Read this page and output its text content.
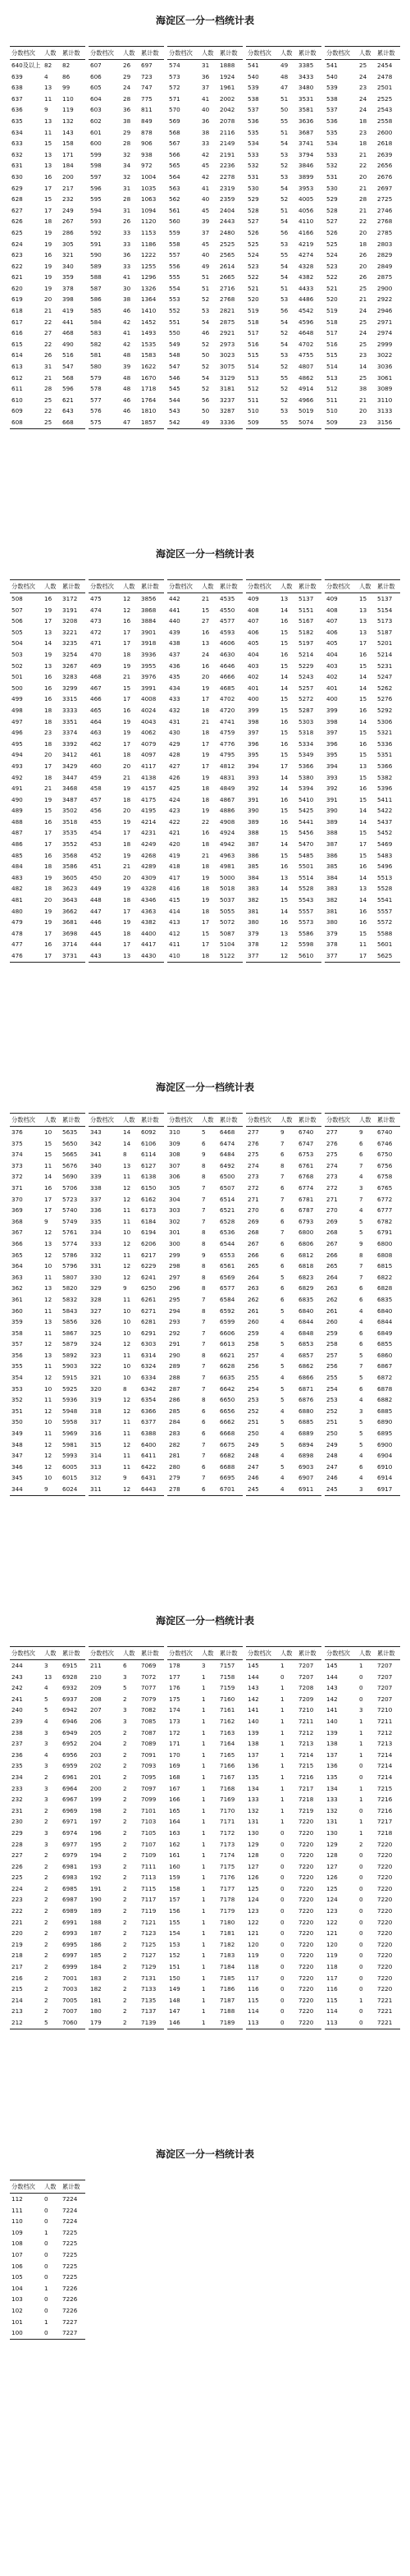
海淀区一分一档统计表
分数档次	人数	累计数
640及以上	82	82
639	4	86
638	13	99
637	11	110
636	9	119
635	13	132
634	11	143
633	15	158
632	13	171
631	13	184
630	16	200
629	17	217
628	15	232
627	17	249
626	18	267
625	19	286
624	19	305
623	16	321
622	19	340
621	19	359
620	19	378
619	20	398
618	21	419
617	22	441
616	27	468
615	22	490
614	26	516
613	31	547
612	21	568
611	28	596
610	25	621
609	22	643
608	25	668
分数档次	人数	累计数
607	26	697
606	29	723
605	24	747
604	28	775
603	36	811
602	38	849
601	29	878
600	28	906
599	32	938
598	34	972
597	32	1004
596	31	1035
595	28	1063
594	31	1094
593	26	1120
592	33	1153
591	33	1186
590	36	1222
589	33	1255
588	41	1296
587	30	1326
586	38	1364
585	46	1410
584	42	1452
583	41	1493
582	42	1535
581	48	1583
580	39	1622
579	48	1670
578	48	1718
577	46	1764
576	46	1810
575	47	1857
分数档次	人数	累计数
574	31	1888
573	36	1924
572	37	1961
571	41	2002
570	40	2042
569	36	2078
568	38	2116
567	33	2149
566	42	2191
565	45	2236
564	42	2278
563	41	2319
562	40	2359
561	45	2404
560	39	2443
559	37	2480
558	45	2525
557	40	2565
556	49	2614
555	51	2665
554	51	2716
553	52	2768
552	53	2821
551	54	2875
550	46	2921
549	52	2973
548	50	3023
547	52	3075
546	54	3129
545	52	3181
544	56	3237
543	50	3287
542	49	3336
分数档次	人数	累计数
541	49	3385
540	48	3433
539	47	3480
538	51	3531
537	50	3581
536	55	3636
535	51	3687
534	54	3741
533	53	3794
532	52	3846
531	53	3899
530	54	3953
529	52	4005
528	51	4056
527	54	4110
526	56	4166
525	53	4219
524	55	4274
523	54	4328
522	54	4382
521	51	4433
520	53	4486
519	56	4542
518	54	4596
517	52	4648
516	54	4702
515	53	4755
514	52	4807
513	55	4862
512	52	4914
511	52	4966
510	53	5019
509	55	5074
分数档次	人数	累计数
541	25	2454
540	24	2478
539	23	2501
538	24	2525
537	24	2543
536	18	2558
535	23	2600
534	18	2618
533	21	2639
532	22	2656
531	20	2676
530	21	2697
529	28	2725
528	21	2746
527	22	2768
526	20	2785
525	18	2803
524	26	2829
523	20	2849
522	26	2875
521	25	2900
520	21	2922
519	24	2946
518	25	2971
517	24	2974
516	25	2999
515	23	3022
514	14	3036
513	25	3061
512	38	3089
511	21	3110
510	20	3133
509	23	3156
海淀区一分一档统计表
分数档次	人数	累计数
508	16	3172
507	19	3191
506	17	3208
505	13	3221
504	14	3235
503	19	3254
502	13	3267
501	16	3283
500	16	3299
499	16	3315
498	18	3333
497	18	3351
496	23	3374
495	18	3392
494	20	3412
493	17	3429
492	18	3447
491	21	3468
490	19	3487
489	15	3502
488	16	3518
487	17	3535
486	17	3552
485	16	3568
484	18	3586
483	19	3605
482	18	3623
481	20	3643
480	19	3662
479	19	3681
478	17	3698
477	16	3714
476	17	3731
分数档次	人数	累计数
475	12	3856
474	12	3868
473	16	3884
472	17	3901
471	17	3918
470	18	3936
469	19	3955
468	21	3976
467	15	3991
466	17	4008
465	16	4024
464	19	4043
463	19	4062
462	17	4079
461	18	4097
460	20	4117
459	21	4138
458	19	4157
457	18	4175
456	20	4195
455	19	4214
454	17	4231
453	18	4249
452	19	4268
451	21	4289
450	20	4309
449	19	4328
448	18	4346
447	17	4363
446	19	4382
445	18	4400
444	17	4417
443	13	4430
分数档次	人数	累计数
442	21	4535
441	15	4550
440	27	4577
439	16	4593
438	13	4606
437	24	4630
436	16	4646
435	20	4666
434	19	4685
433	17	4702
432	18	4720
431	21	4741
430	18	4759
429	17	4776
428	19	4795
427	17	4812
426	19	4831
425	18	4849
424	18	4867
423	19	4886
422	22	4908
421	16	4924
420	18	4942
419	21	4963
418	18	4981
417	19	5000
416	18	5018
415	19	5037
414	18	5055
413	17	5072
412	15	5087
411	17	5104
410	18	5122
分数档次	人数	累计数
409	13	5137
408	14	5151
407	16	5167
406	15	5182
405	15	5197
404	16	5214
403	15	5229
402	14	5243
401	14	5257
400	15	5272
399	15	5287
398	16	5303
397	15	5318
396	16	5334
395	15	5349
394	17	5366
393	14	5380
392	14	5394
391	16	5410
390	15	5425
389	16	5441
388	15	5456
387	14	5470
386	15	5485
385	16	5501
384	13	5514
383	14	5528
382	15	5543
381	14	5557
380	16	5573
379	13	5586
378	12	5598
377	12	5610
分数档次	人数	累计数
409	15	5137
408	13	5154
407	13	5173
406	13	5187
405	17	5201
404	16	5214
403	15	5231
402	14	5247
401	14	5262
400	15	5276
399	16	5292
398	14	5306
397	15	5321
396	16	5336
395	15	5351
394	13	5366
393	15	5382
392	16	5396
391	15	5411
390	14	5422
389	14	5437
388	15	5452
387	17	5469
386	15	5483
385	16	5496
384	14	5513
383	13	5528
382	14	5541
381	16	5557
380	16	5572
379	15	5588
378	11	5601
377	17	5625
海淀区一分一档统计表
分数档次	人数	累计数
376	10	5635
375	15	5650
374	15	5665
373	11	5676
372	14	5690
371	16	5706
370	17	5723
369	17	5740
368	9	5749
367	12	5761
366	13	5774
365	12	5786
364	10	5796
363	11	5807
362	13	5820
361	12	5832
360	11	5843
359	13	5856
358	11	5867
357	12	5879
356	13	5892
355	11	5903
354	12	5915
353	10	5925
352	11	5936
351	12	5948
350	10	5958
349	11	5969
348	12	5981
347	12	5993
346	12	6005
345	10	6015
344	9	6024
分数档次	人数	累计数
343	14	6092
342	14	6106
341	8	6114
340	13	6127
339	11	6138
338	12	6150
337	12	6162
336	11	6173
335	11	6184
334	10	6194
333	12	6206
332	11	6217
331	12	6229
330	12	6241
329	9	6250
328	11	6261
327	10	6271
326	10	6281
325	10	6291
324	12	6303
323	11	6314
322	10	6324
321	10	6334
320	8	6342
319	12	6354
318	12	6366
317	11	6377
316	11	6388
315	12	6400
314	11	6411
313	11	6422
312	9	6431
311	12	6443
分数档次	人数	累计数
310	5	6468
309	6	6474
308	9	6484
307	8	6492
306	8	6500
305	7	6507
304	7	6514
303	7	6521
302	7	6528
301	8	6536
300	8	6544
299	9	6553
298	8	6561
297	8	6569
296	8	6577
295	7	6584
294	8	6592
293	7	6599
292	7	6606
291	7	6613
290	8	6621
289	7	6628
288	7	6635
287	7	6642
286	8	6650
285	6	6656
284	6	6662
283	6	6668
282	7	6675
281	7	6682
280	6	6688
279	7	6695
278	6	6701
分数档次	人数	累计数
277	9	6740
276	7	6747
275	6	6753
274	8	6761
273	7	6768
272	6	6774
271	7	6781
270	6	6787
269	6	6793
268	7	6800
267	6	6806
266	6	6812
265	6	6818
264	5	6823
263	6	6829
262	6	6835
261	5	6840
260	4	6844
259	4	6848
258	5	6853
257	4	6857
256	5	6862
255	4	6866
254	5	6871
253	5	6876
252	4	6880
251	5	6885
250	4	6889
249	5	6894
248	4	6898
247	5	6903
246	4	6907
245	4	6911
分数档次	人数	累计数
277	9	6740
276	6	6746
275	6	6750
274	7	6756
273	4	6758
272	3	6765
271	7	6772
270	4	6777
269	5	6782
268	5	6791
267	9	6800
266	8	6808
265	7	6815
264	7	6822
263	6	6828
262	6	6835
261	4	6840
260	4	6844
259	6	6849
258	6	6855
257	5	6860
256	7	6867
255	5	6872
254	6	6878
253	4	6882
252	3	6885
251	5	6890
250	5	6895
249	5	6900
248	4	6904
247	6	6910
246	4	6914
245	3	6917
海淀区一分一档统计表
分数档次	人数	累计数
244	3	6915
243	13	6928
242	4	6932
241	5	6937
240	5	6942
239	4	6946
238	3	6949
237	3	6952
236	4	6956
235	3	6959
234	2	6961
233	3	6964
232	3	6967
231	2	6969
230	2	6971
229	3	6974
228	3	6977
227	2	6979
226	2	6981
225	2	6983
224	2	6985
223	2	6987
222	2	6989
221	2	6991
220	2	6993
219	2	6995
218	2	6997
217	2	6999
216	2	7001
215	2	7003
214	2	7005
213	2	7007
212	5	7060
分数档次	人数	累计数
211	6	7069
210	3	7072
209	5	7077
208	2	7079
207	3	7082
206	3	7085
205	2	7087
204	2	7089
203	2	7091
202	2	7093
201	2	7095
200	2	7097
199	2	7099
198	2	7101
197	2	7103
196	2	7105
195	2	7107
194	2	7109
193	2	7111
192	2	7113
191	2	7115
190	2	7117
189	2	7119
188	2	7121
187	2	7123
186	2	7125
185	2	7127
184	2	7129
183	2	7131
182	2	7133
181	2	7135
180	2	7137
179	2	7139
分数档次	人数	累计数
178	3	7157
177	1	7158
176	1	7159
175	1	7160
174	1	7161
173	1	7162
172	1	7163
171	1	7164
170	1	7165
169	1	7166
168	1	7167
167	1	7168
166	1	7169
165	1	7170
164	1	7171
163	1	7172
162	1	7173
161	1	7174
160	1	7175
159	1	7176
158	1	7177
157	1	7178
156	1	7179
155	1	7180
154	1	7181
153	1	7182
152	1	7183
151	1	7184
150	1	7185
149	1	7186
148	1	7187
147	1	7188
146	1	7189
分数档次	人数	累计数
145	1	7207
144	0	7207
143	1	7208
142	1	7209
141	1	7210
140	1	7211
139	1	7212
138	1	7213
137	1	7214
136	1	7215
135	1	7216
134	1	7217
133	1	7218
132	1	7219
131	1	7220
130	0	7220
129	0	7220
128	0	7220
127	0	7220
126	0	7220
125	0	7220
124	0	7220
123	0	7220
122	0	7220
121	0	7220
120	0	7220
119	0	7220
118	0	7220
117	0	7220
116	0	7220
115	0	7220
114	0	7220
113	0	7220
分数档次	人数	累计数
145	1	7207
144	0	7207
143	0	7207
142	0	7207
141	3	7210
140	1	7211
139	1	7212
138	1	7213
137	1	7214
136	0	7214
135	0	7214
134	1	7215
133	1	7216
132	0	7216
131	1	7217
130	1	7218
129	2	7220
128	0	7220
127	0	7220
126	0	7220
125	0	7220
124	0	7220
123	0	7220
122	0	7220
121	0	7220
120	0	7220
119	0	7220
118	0	7220
117	0	7220
116	0	7220
115	1	7221
114	0	7221
113	0	7221
海淀区一分一档统计表
分数档次	人数	累计数
112	0	7224
111	0	7224
110	0	7224
109	1	7225
108	0	7225
107	0	7225
106	0	7225
105	0	7225
104	1	7226
103	0	7226
102	0	7226
101	1	7227
100	0	7227
